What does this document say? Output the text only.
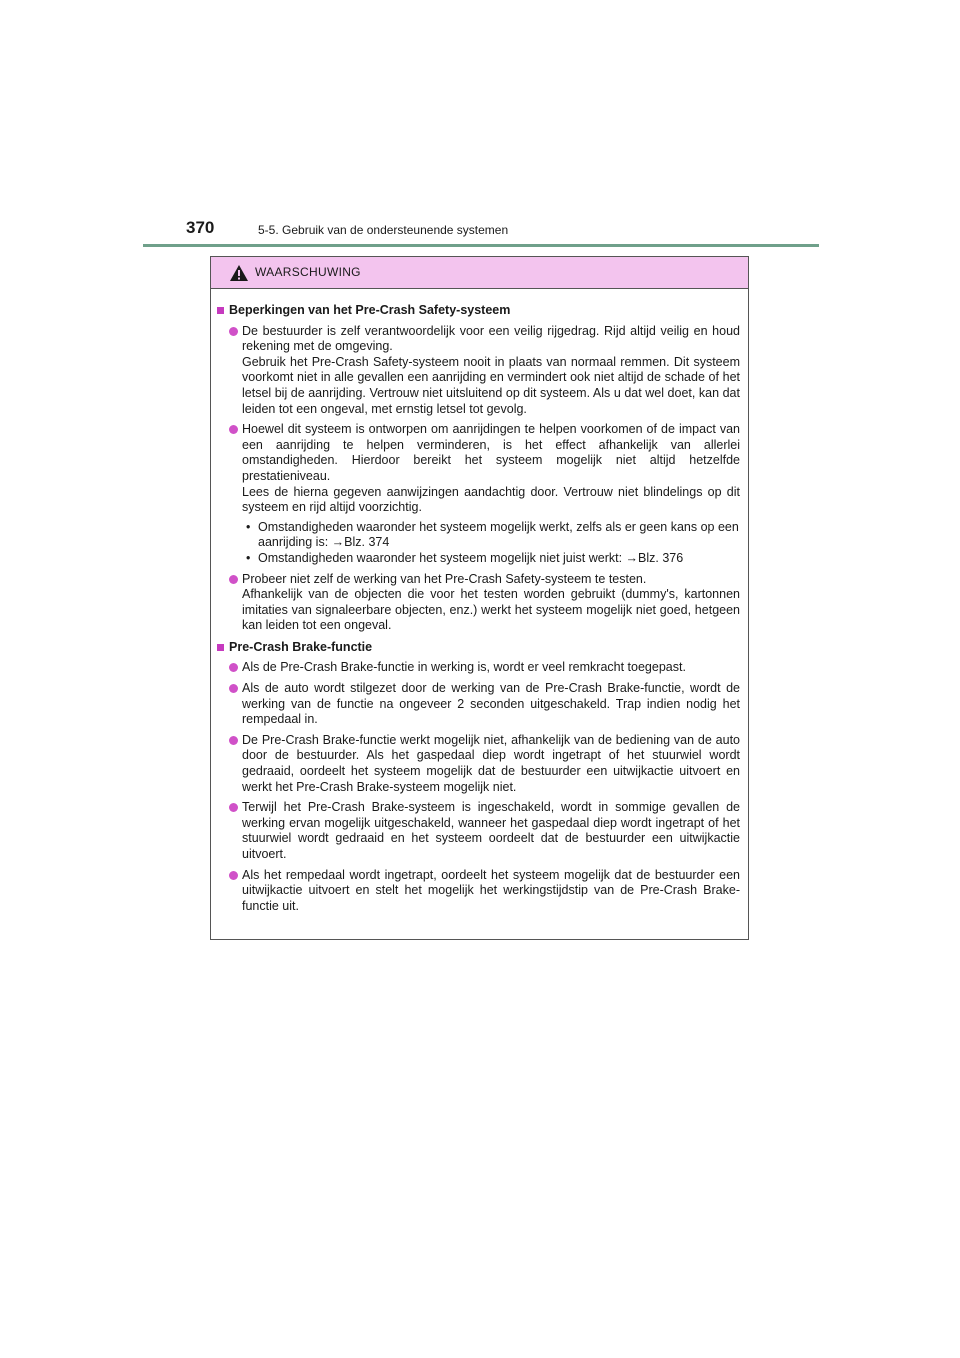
370	5-5. Gebruik van de ondersteunende systemen
WAARSCHUWING
Beperkingen van het Pre-Crash Safety-systeem
De bestuurder is zelf verantwoordelijk voor een veilig rijgedrag. Rijd altijd veilig en houd rekening met de omgeving.
Gebruik het Pre-Crash Safety-systeem nooit in plaats van normaal remmen. Dit systeem voorkomt niet in alle gevallen een aanrijding en vermindert ook niet altijd de schade of het letsel bij de aanrijding. Vertrouw niet uitsluitend op dit systeem. Als u dat wel doet, kan dat leiden tot een ongeval, met ernstig letsel tot gevolg.
Hoewel dit systeem is ontworpen om aanrijdingen te helpen voorkomen of de impact van een aanrijding te helpen verminderen, is het effect afhankelijk van allerlei omstandigheden. Hierdoor bereikt het systeem mogelijk niet altijd hetzelfde prestatieniveau.
Lees de hierna gegeven aanwijzingen aandachtig door. Vertrouw niet blindelings op dit systeem en rijd altijd voorzichtig.
• Omstandigheden waaronder het systeem mogelijk werkt, zelfs als er geen kans op een aanrijding is: →Blz. 374
• Omstandigheden waaronder het systeem mogelijk niet juist werkt: →Blz. 376
Probeer niet zelf de werking van het Pre-Crash Safety-systeem te testen.
Afhankelijk van de objecten die voor het testen worden gebruikt (dummy's, kartonnen imitaties van signaleerbare objecten, enz.) werkt het systeem mogelijk niet goed, hetgeen kan leiden tot een ongeval.
Pre-Crash Brake-functie
Als de Pre-Crash Brake-functie in werking is, wordt er veel remkracht toegepast.
Als de auto wordt stilgezet door de werking van de Pre-Crash Brake-functie, wordt de werking van de functie na ongeveer 2 seconden uitgeschakeld. Trap indien nodig het rempedaal in.
De Pre-Crash Brake-functie werkt mogelijk niet, afhankelijk van de bediening van de auto door de bestuurder. Als het gaspedaal diep wordt ingetrapt of het stuurwiel wordt gedraaid, oordeelt het systeem mogelijk dat de bestuurder een uitwijkactie uitvoert en werkt het Pre-Crash Brake-systeem mogelijk niet.
Terwijl het Pre-Crash Brake-systeem is ingeschakeld, wordt in sommige gevallen de werking ervan mogelijk uitgeschakeld, wanneer het gaspedaal diep wordt ingetrapt of het stuurwiel wordt gedraaid en het systeem oordeelt dat de bestuurder een uitwijkactie uitvoert.
Als het rempedaal wordt ingetrapt, oordeelt het systeem mogelijk dat de bestuurder een uitwijkactie uitvoert en stelt het mogelijk het werkingstijdstip van de Pre-Crash Brake-functie uit.
